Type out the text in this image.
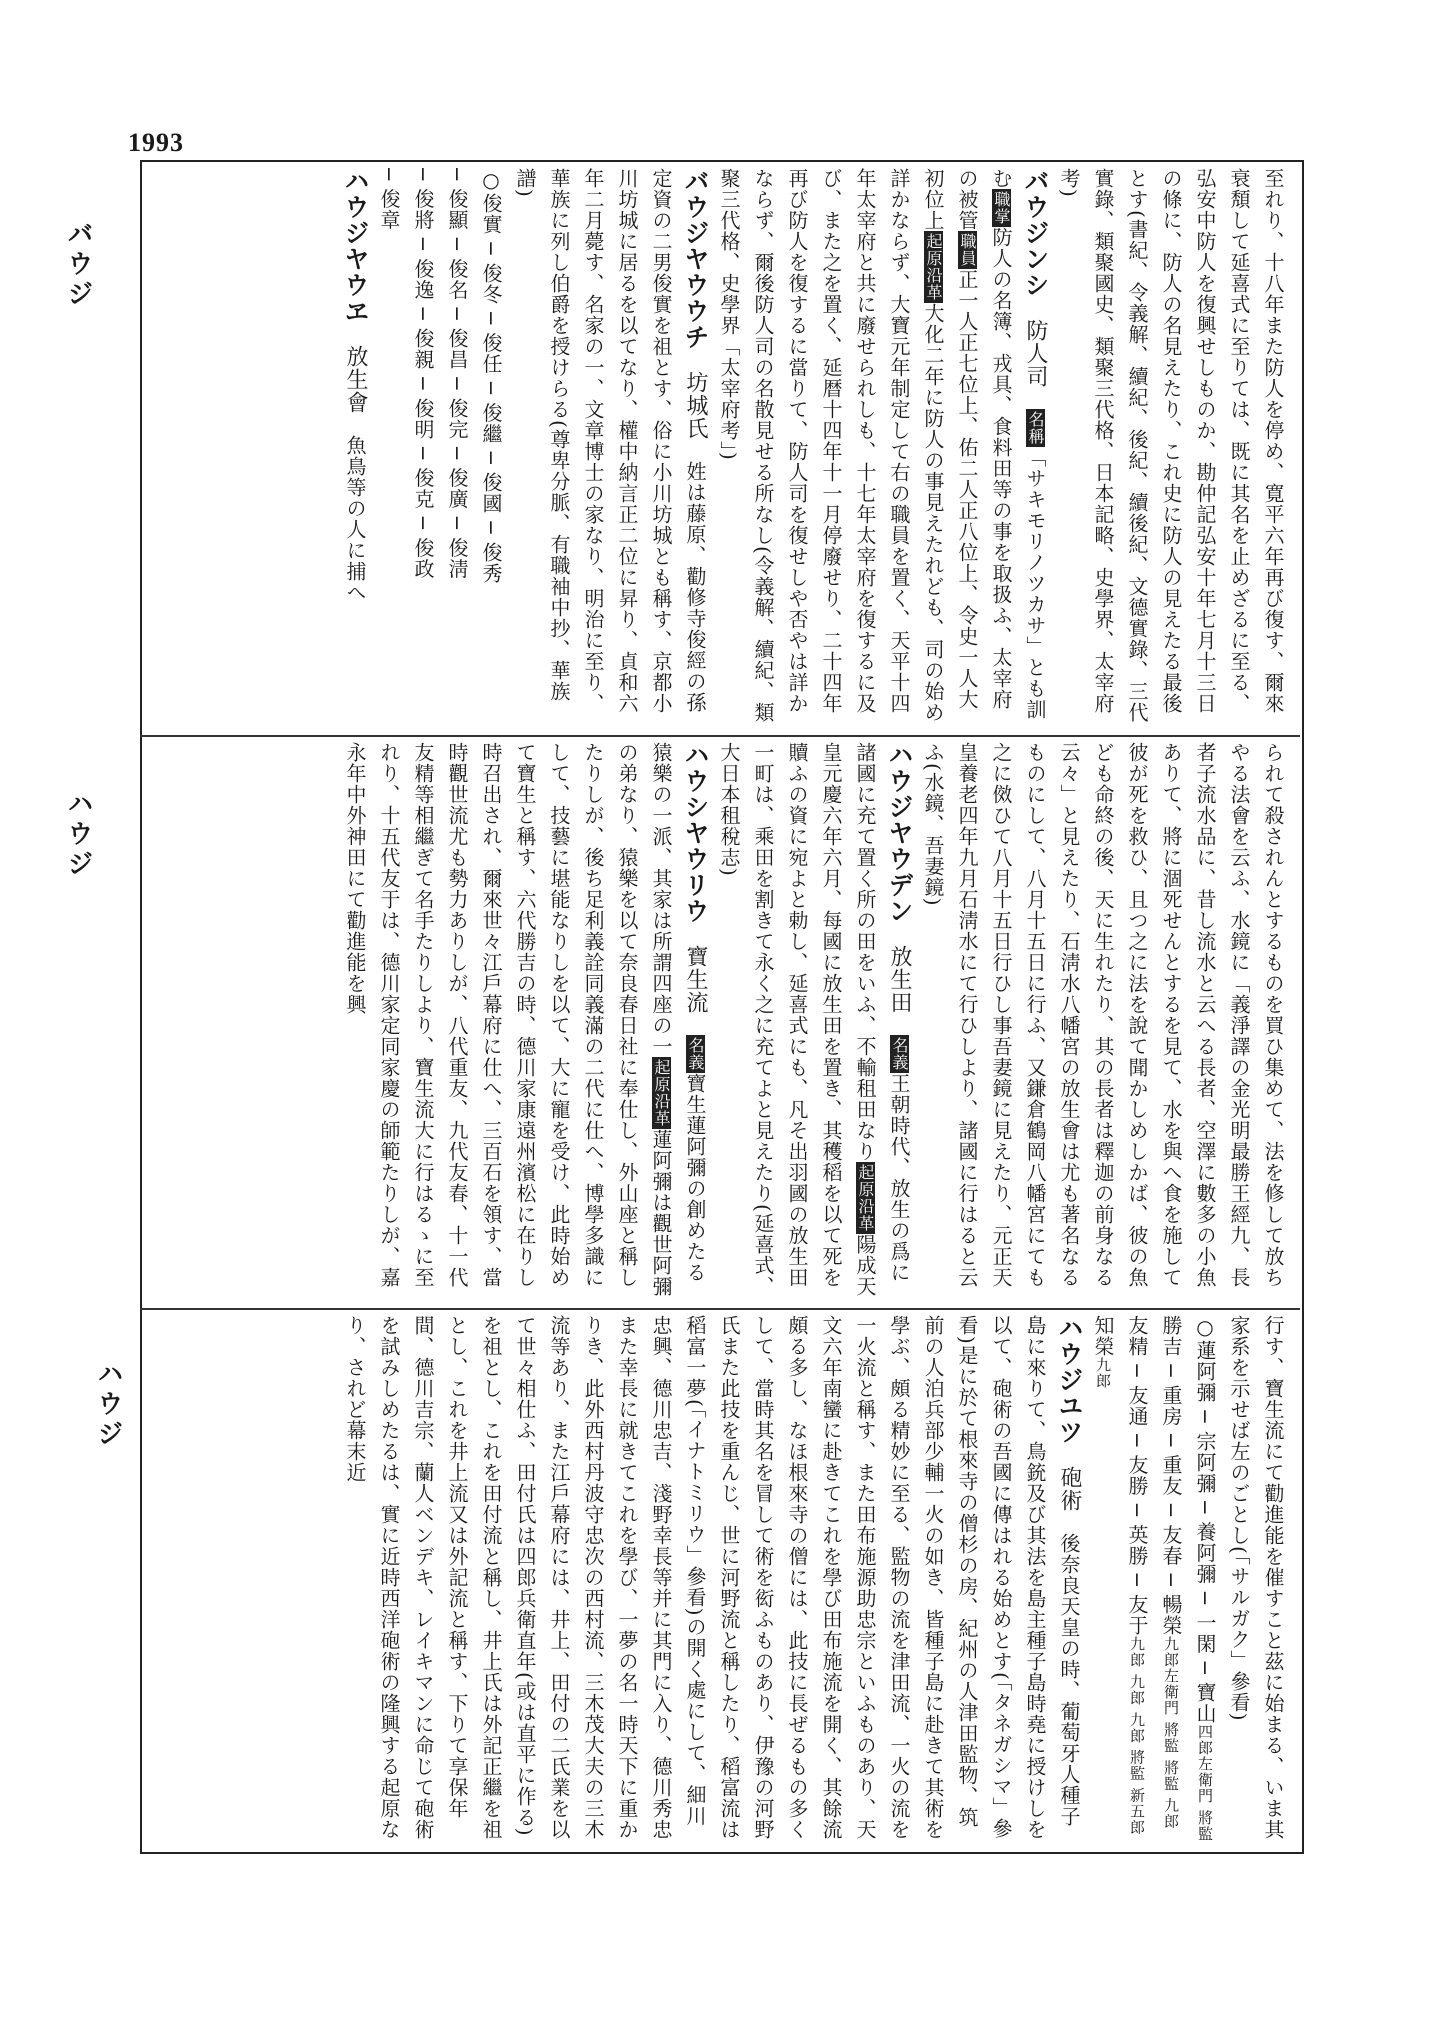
1993
バウジ
ハウジ
ハウジ

至れり、十八年また防人を停め、寛平六年再び復す、爾來衰頽して延喜式に至りては、既に其名を止めざるに至る、弘安中防人を復興せしものか、勘仲記弘安十年七月十三日の條に、防人の名見えたり、これ史に防人の見えたる最後とす(書紀、令義解、續紀、後紀、續後紀、文德實錄、三代實錄、類聚國史、類聚三代格、日本記略、史學界、太宰府考)

バウジンシ　防人司　名稱「サキモリノツカサ」とも訓む職掌防人の名簿、戎具、食料田等の事を取扱ふ、太宰府の被管職員正一人正七位上、佑二人正八位上、令史一人大初位上起原沿革大化二年に防人の事見えたれども、司の始め詳かならず、大寶元年制定して右の職員を置く、天平十四年太宰府と共に廢せられしも、十七年太宰府を復するに及び、また之を置く、延暦十四年十一月停廢せり、二十四年再び防人を復するに當りて、防人司を復せしや否やは詳かならず、爾後防人司の名散見せる所なし(令義解、續紀、類聚三代格、史學界「太宰府考」)

バウジヤウウチ　坊城氏　姓は藤原、勸修寺俊經の孫定資の二男俊實を祖とす、俗に小川坊城とも稱す、京都小川坊城に居るを以てなり、權中納言正二位に昇り、貞和六年二月薨す、名家の一、文章博士の家なり、明治に至り、華族に列し伯爵を授けらる(尊卑分脈、有職袖中抄、華族譜)

○俊實 ─ 俊冬 ─ 俊任 ─ 俊繼 ─ 俊國 ─ 俊秀

─ 俊顯 ─ 俊名 ─ 俊昌 ─ 俊完 ─ 俊廣 ─ 俊淸

─ 俊將 ─ 俊逸 ─ 俊親 ─ 俊明 ─ 俊克 ─ 俊政

─ 俊章

ハウジヤウヱ　放生會　魚鳥等の人に捕へ

られて殺されんとするものを買ひ集めて、法を修して放ちやる法會を云ふ、水鏡に「義淨譯の金光明最勝王經九、長者子流水品に、昔し流水と云へる長者、空澤に數多の小魚ありて、將に涸死せんとするを見て、水を與へ食を施して彼が死を救ひ、且つ之に法を說て聞かしめしかば、彼の魚ども命終の後、天に生れたり、其の長者は釋迦の前身なる云々」と見えたり、石淸水八幡宮の放生會は尤も著名なるものにして、八月十五日に行ふ、又鎌倉鶴岡八幡宮にても之に傚ひて八月十五日行ひし事吾妻鏡に見えたり、元正天皇養老四年九月石淸水にて行ひしより、諸國に行はると云ふ(水鏡、吾妻鏡)

ハウジヤウデン　放生田　名義王朝時代、放生の爲に諸國に充て置く所の田をいふ、不輸租田なり起原沿革陽成天皇元慶六年六月、每國に放生田を置き、其穫稻を以て死を贖ふの資に宛よと勅し、延喜式にも、凡そ出羽國の放生田一町は、乘田を割きて永く之に充てよと見えたり(延喜式、大日本租稅志)

ハウシヤウリウ　寶生流　名義寶生蓮阿彌の創めたる猿樂の一派、其家は所謂四座の一起原沿革蓮阿彌は觀世阿彌の弟なり、猿樂を以て奈良春日社に奉仕し、外山座と稱したりしが、後ち足利義詮同義滿の二代に仕へ、博學多識にして、技藝に堪能なりしを以て、大に寵を受け、此時始めて寶生と稱す、六代勝吉の時、德川家康遠州濱松に在りし時召出され、爾來世々江戶幕府に仕へ、三百石を領す、當時觀世流尤も勢力ありしが、八代重友、九代友春、十一代友精等相繼ぎて名手たりしより、寶生流大に行はるゝに至れり、十五代友于は、德川家定同家慶の師範たりしが、嘉永年中外神田にて勸進能を興

行す、寶生流にて勸進能を催すこと茲に始まる、いま其家系を示せば左のごとし(「サルガク」參看)

○蓮阿彌 ─ 宗阿彌 ─ 養阿彌 ─ 一閑 ─ 寶山四郎左衛門 將監

勝吉 ─ 重房 ─ 重友 ─ 友春 ─ 暢榮九郎左衛門 將監 將監 九郎

友精 ─ 友通 ─ 友勝 ─ 英勝 ─ 友于九郎 九郎 九郎 將監 新五郎

知榮九郎

ハウジユツ　砲術　後奈良天皇の時、葡萄牙人種子島に來りて、鳥銃及び其法を島主種子島時堯に授けしを以て、砲術の吾國に傳はれる始めとす(「タネガシマ」參看)是に於て根來寺の僧杉の房、紀州の人津田監物、筑前の人泊兵部少輔一火の如き、皆種子島に赴きて其術を學ぶ、頗る精妙に至る、監物の流を津田流、一火の流を一火流と稱す、また田布施源助忠宗といふものあり、天文六年南蠻に赴きてこれを學び田布施流を開く、其餘流頗る多し、なほ根來寺の僧には、此技に長ぜるもの多くして、當時其名を冒して術を衒ふものあり、伊豫の河野氏また此技を重んじ、世に河野流と稱したり、稻富流は稻富一夢(「イナトミリウ」參看)の開く處にして、細川忠興、德川忠吉、淺野幸長等并に其門に入り、德川秀忠また幸長に就きてこれを學び、一夢の名一時天下に重かりき、此外西村丹波守忠次の西村流、三木茂大夫の三木流等あり、また江戶幕府には、井上、田付の二氏業を以て世々相仕ふ、田付氏は四郎兵衛直年(或は直平に作る)を祖とし、これを田付流と稱し、井上氏は外記正繼を祖とし、これを井上流又は外記流と稱す、下りて享保年間、德川吉宗、蘭人ベンデキ、レイキマンに命じて砲術を試みしめたるは、實に近時西洋砲術の隆興する起原なり、されど幕末近
